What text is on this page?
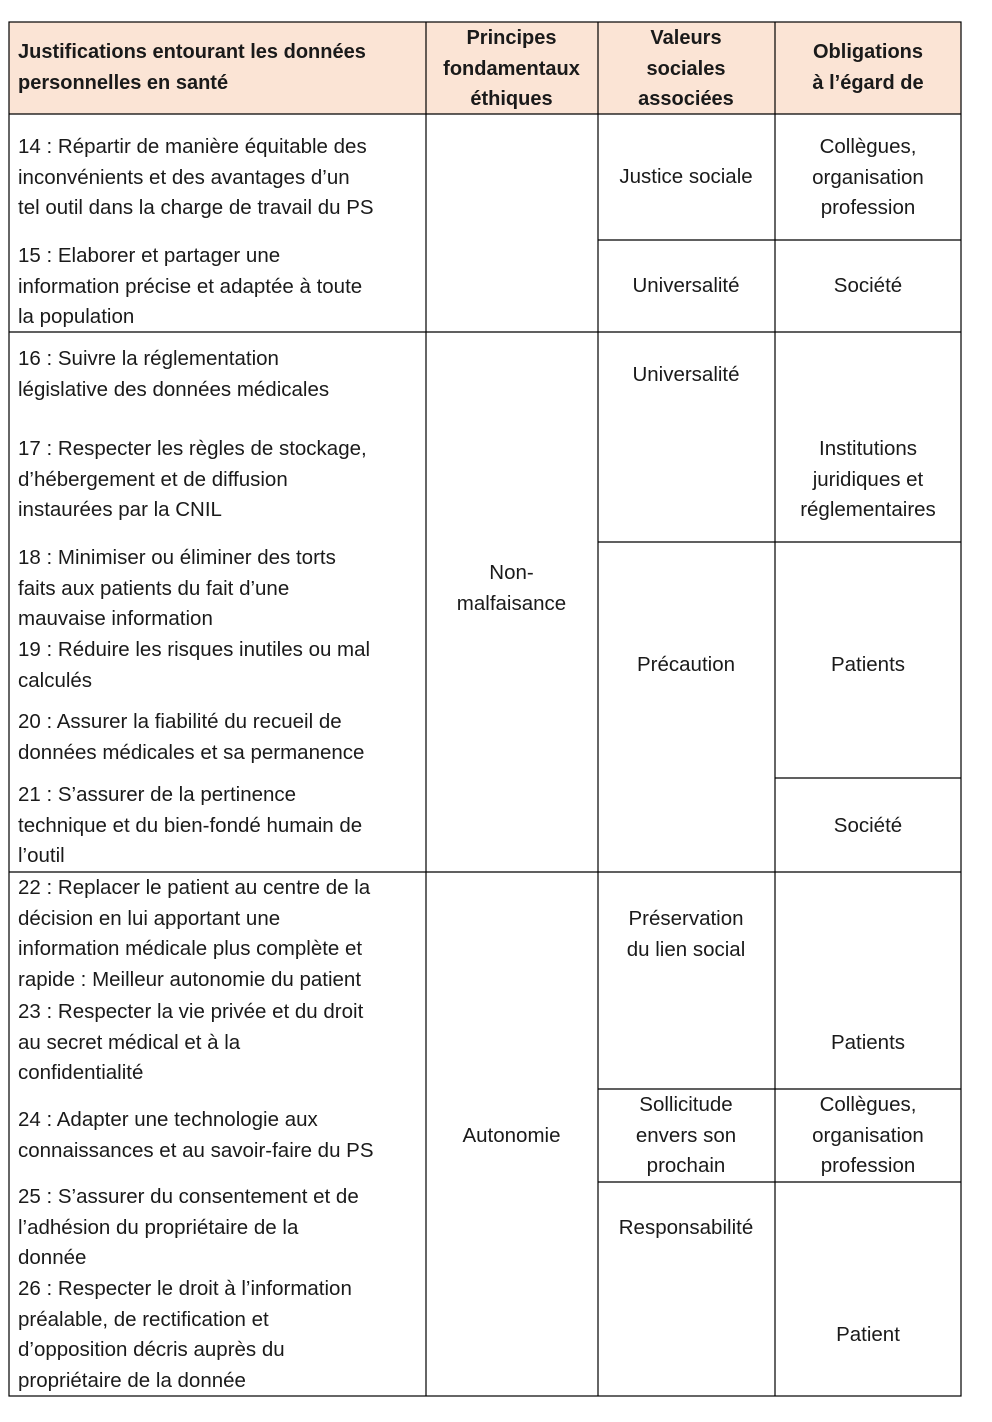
Justifications entourant les données
personnelles en santé
Principes
fondamentaux
éthiques
Valeurs
sociales
associées
Obligations
à l’égard de
14 : Répartir de manière équitable des
inconvénients et des avantages d’un
tel outil dans la charge de travail du PS
15 : Elaborer et partager une
information précise et adaptée à toute
la population
16 : Suivre la réglementation
législative des données médicales
17 : Respecter les règles de stockage,
d’hébergement et de diffusion
instaurées par la CNIL
18 : Minimiser ou éliminer des torts
faits aux patients du fait d’une
mauvaise information
19 : Réduire les risques inutiles ou mal
calculés
20 : Assurer la fiabilité du recueil de
données médicales et sa permanence
21 : S’assurer de la pertinence
technique et du bien-fondé humain de
l’outil
22 : Replacer le patient au centre de la
décision en lui apportant une
information médicale plus complète et
rapide : Meilleur autonomie du patient
23 : Respecter la vie privée et du droit
au secret médical et à la
confidentialité
24 : Adapter une technologie aux
connaissances et au savoir-faire du PS
25 : S’assurer du consentement et de
l’adhésion du propriétaire de la
donnée
26 : Respecter le droit à l’information
préalable, de rectification et
d’opposition décris auprès du
propriétaire de la donnée
Non-
malfaisance
Autonomie
Justice sociale
Universalité
Universalité
Précaution
Préservation
du lien social
Sollicitude
envers son
prochain
Responsabilité
Collègues,
organisation
profession
Société
Institutions
juridiques et
réglementaires
Patients
Société
Patients
Collègues,
organisation
profession
Patient
